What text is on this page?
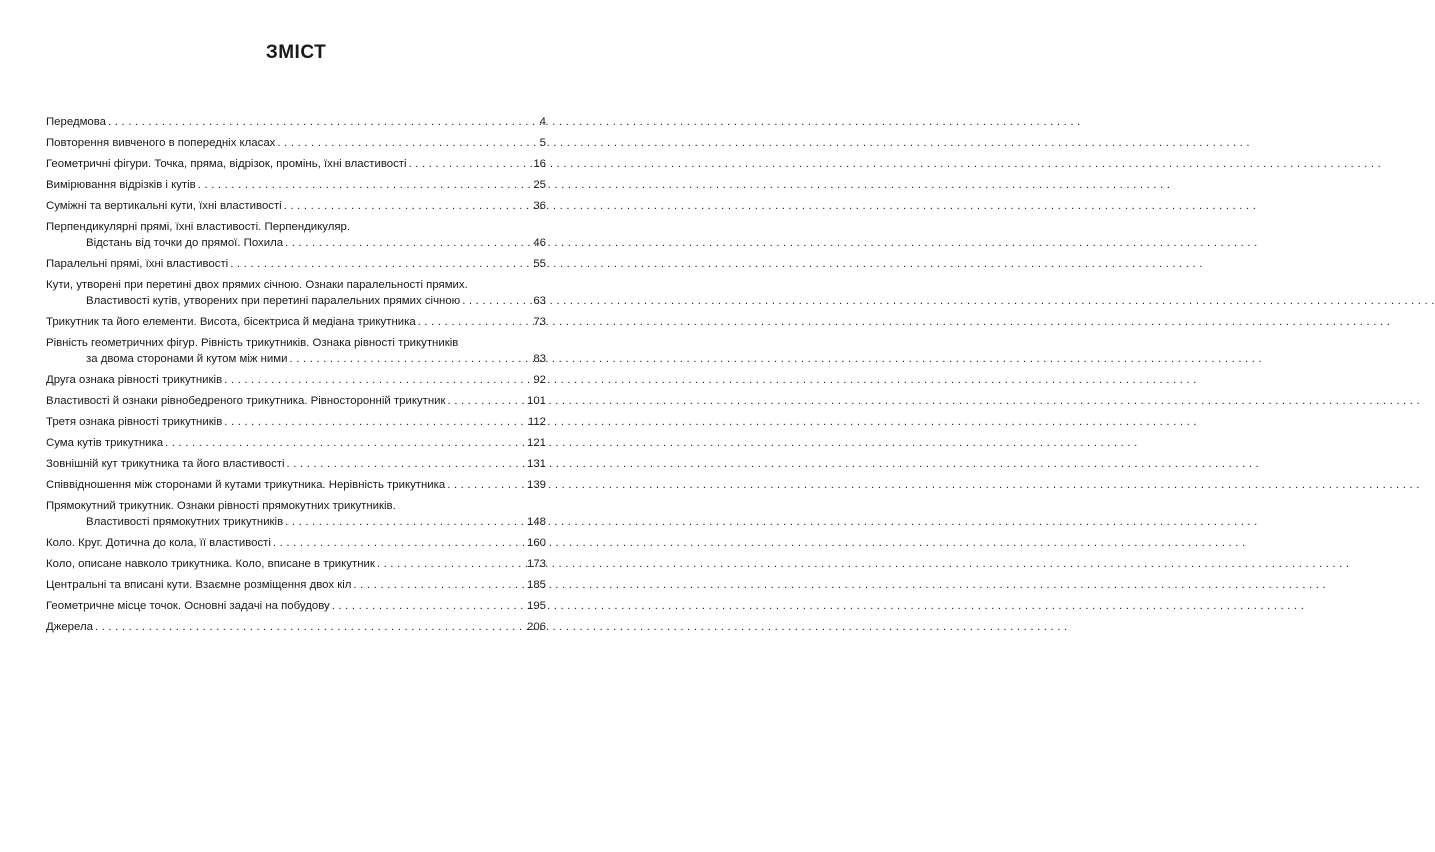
ЗМІСТ
Передмова . . .	4
Повторення вивченого в попередніх класах . . .	5
Геометричні фігури. Точка, пряма, відрізок, промінь, їхні властивості . . .	16
Вимірювання відрізків і кутів . . .	25
Суміжні та вертикальні кути, їхні властивості . . .	36
Перпендикулярні прямі, їхні властивості. Перпендикуляр.
Відстань від точки до прямої. Похила . . .	46
Паралельні прямі, їхні властивості . . .	55
Кути, утворені при перетині двох прямих січною. Ознаки паралельності прямих.
Властивості кутів, утворених при перетині паралельних прямих січною . . .	63
Трикутник та його елементи. Висота, бісектриса й медіана трикутника . . .	73
Рівність геометричних фігур. Рівність трикутників. Ознака рівності трикутників
за двома сторонами й кутом між ними . . .	83
Друга ознака рівності трикутників . . .	92
Властивості й ознаки рівнобедреного трикутника. Рівносторонній трикутник . . .	101
Третя ознака рівності трикутників . . .	112
Сума кутів трикутника . . .	121
Зовнішній кут трикутника та його властивості . . .	131
Співвідношення між сторонами й кутами трикутника. Нерівність трикутника . . .	139
Прямокутний трикутник. Ознаки рівності прямокутних трикутників.
Властивості прямокутних трикутників . . .	148
Коло. Круг. Дотична до кола, її властивості . . .	160
Коло, описане навколо трикутника. Коло, вписане в трикутник . . .	173
Центральні та вписані кути. Взаємне розміщення двох кіл . . .	185
Геометричне місце точок. Основні задачі на побудову . . .	195
Джерела . . .	206
